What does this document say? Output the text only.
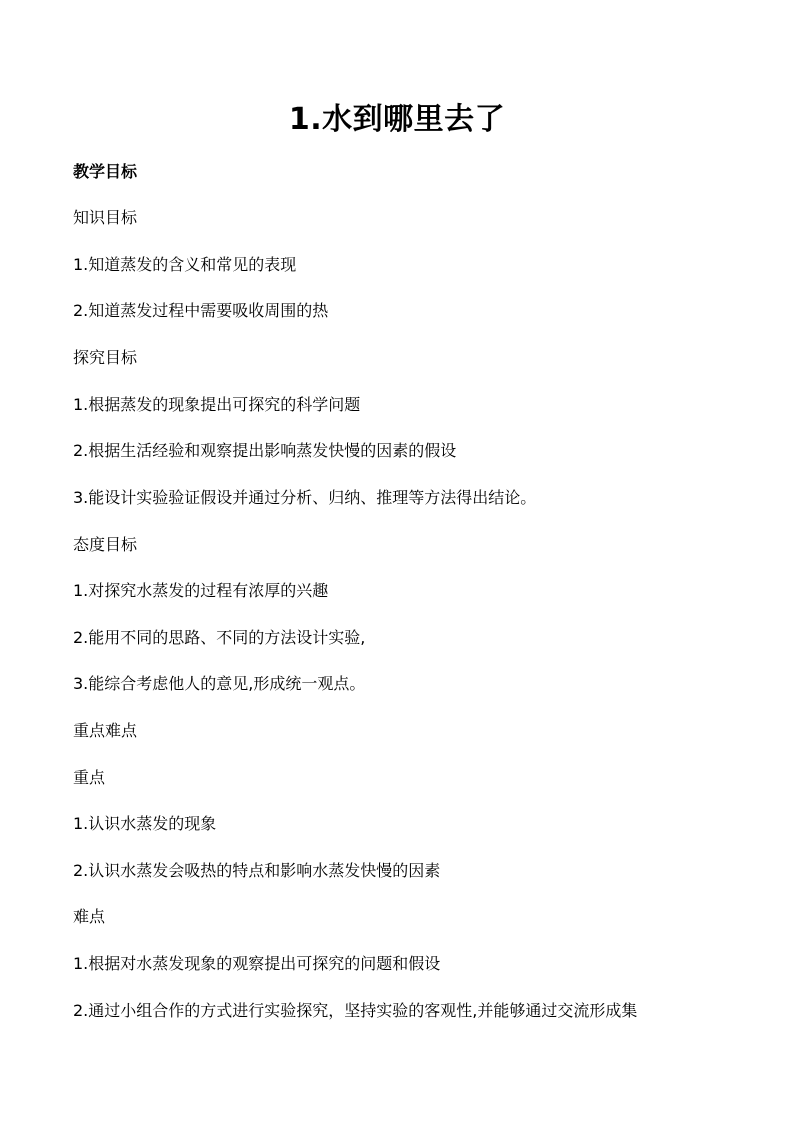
1.水到哪里去了
教学目标
知识目标
1.知道蒸发的含义和常见的表现
2.知道蒸发过程中需要吸收周围的热
探究目标
1.根据蒸发的现象提出可探究的科学问题
2.根据生活经验和观察提出影响蒸发快慢的因素的假设
3.能设计实验验证假设并通过分析、归纳、推理等方法得出结论。
态度目标
1.对探究水蒸发的过程有浓厚的兴趣
2.能用不同的思路、不同的方法设计实验,
3.能综合考虑他人的意见,形成统一观点。
重点难点
重点
1.认识水蒸发的现象
2.认识水蒸发会吸热的特点和影响水蒸发快慢的因素
难点
1.根据对水蒸发现象的观察提出可探究的问题和假设
2.通过小组合作的方式进行实验探究，坚持实验的客观性,并能够通过交流形成集
